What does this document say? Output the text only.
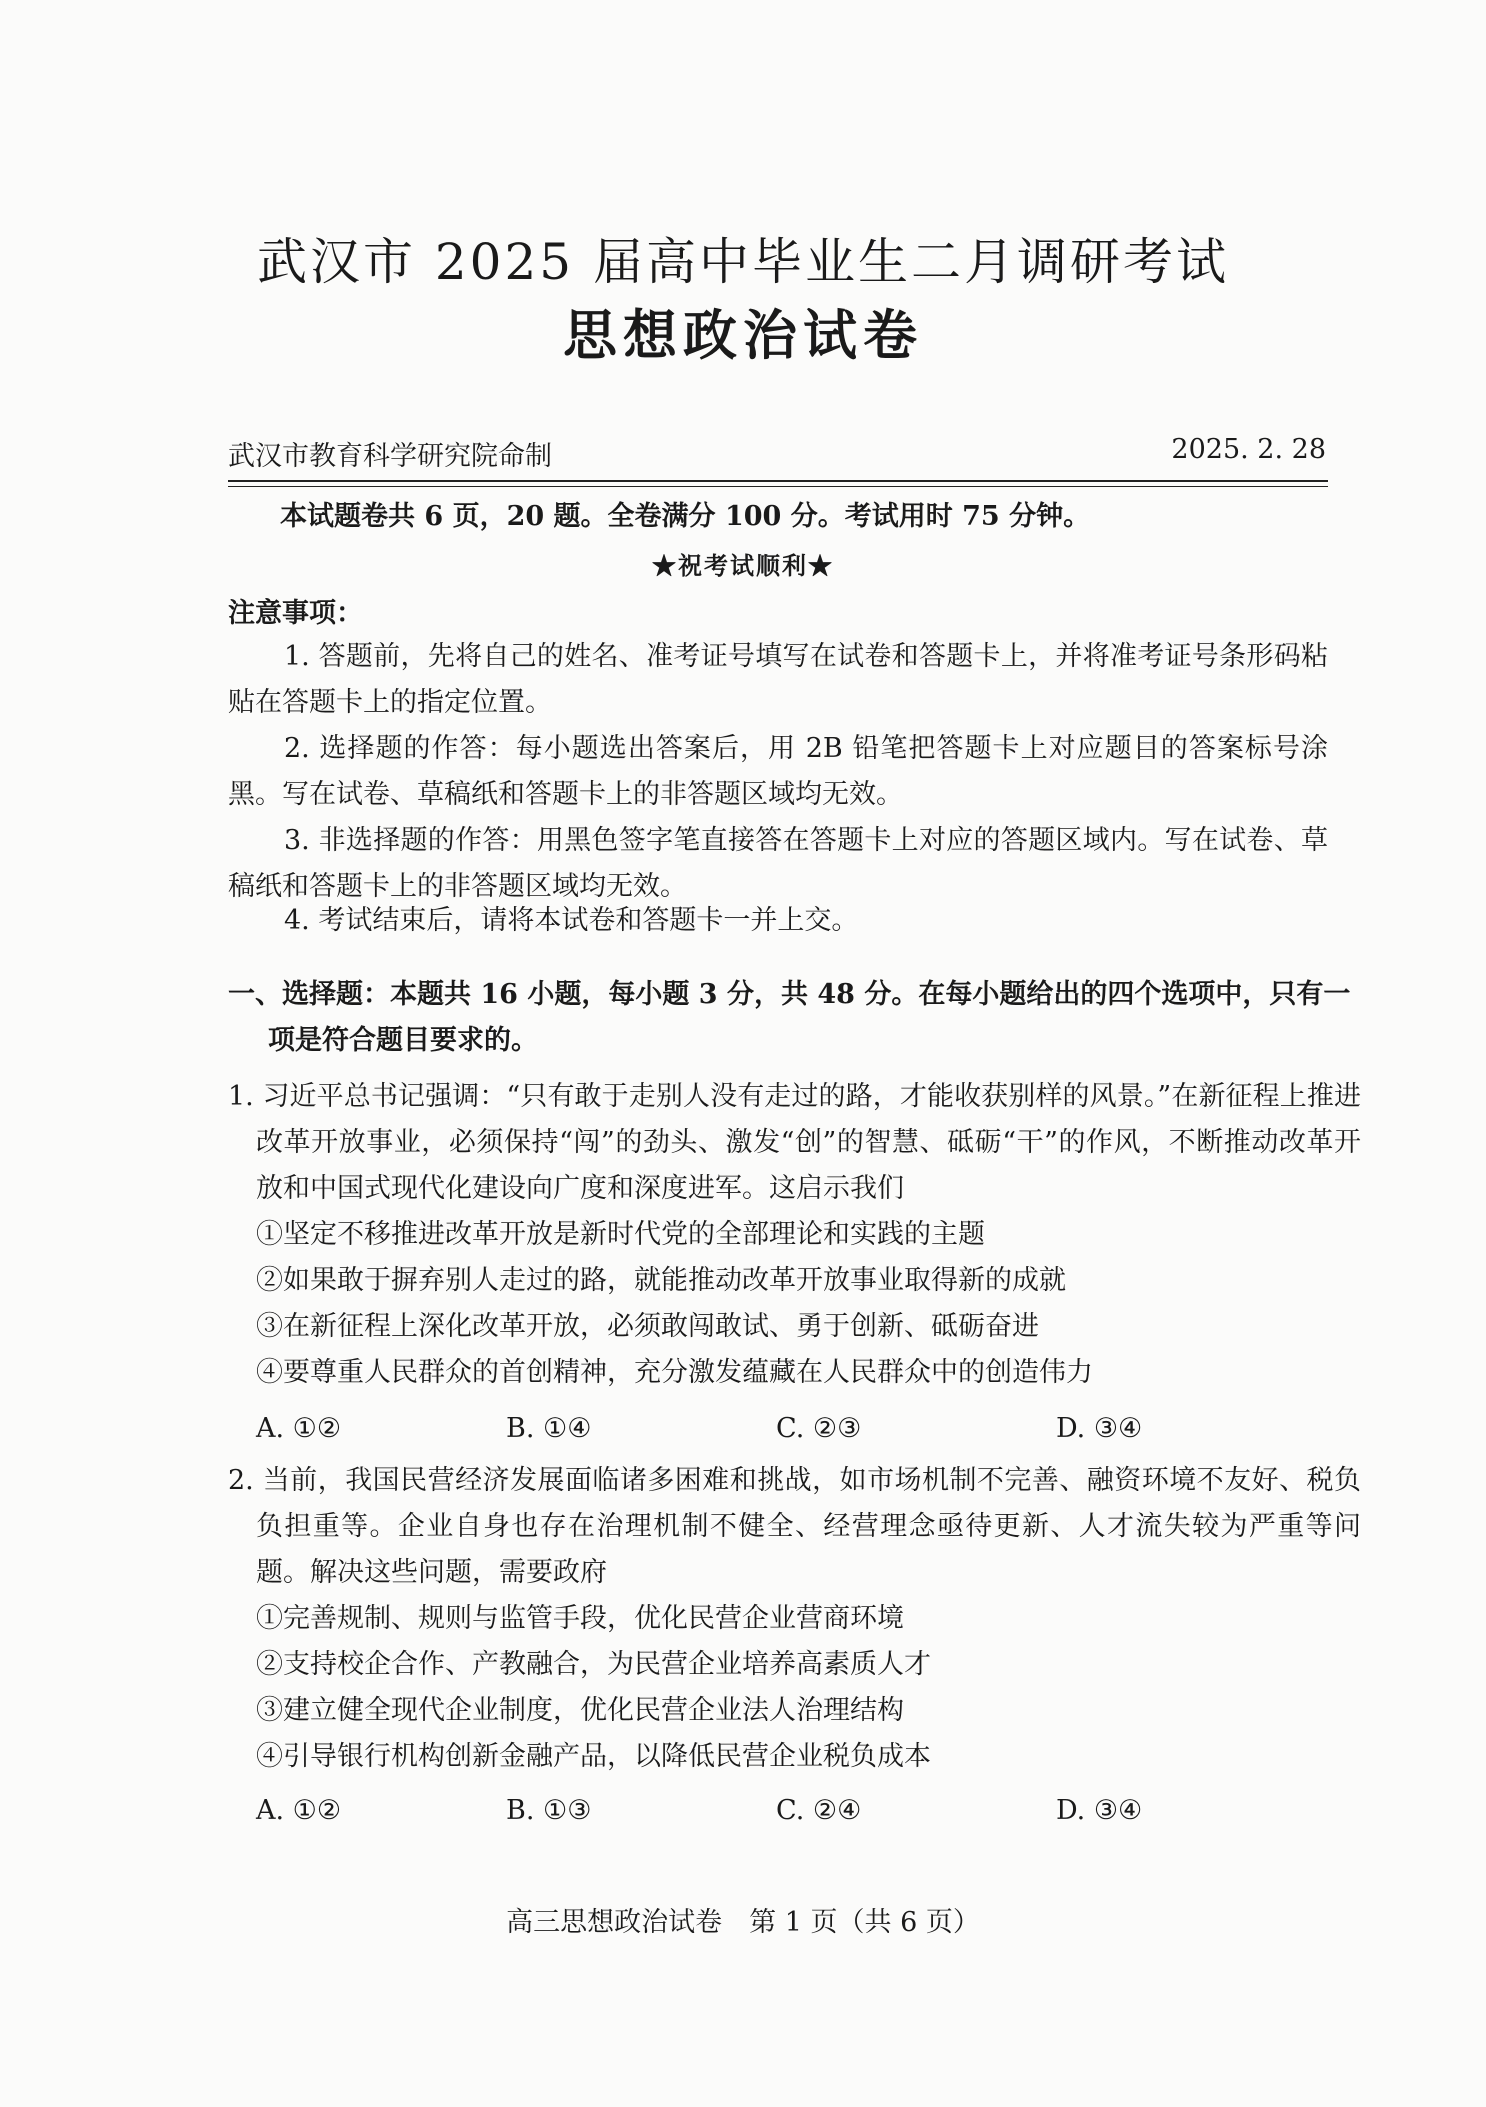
武汉市 2025 届高中毕业生二月调研考试
思想政治试卷
武汉市教育科学研究院命制	2025. 2. 28
本试题卷共 6 页，20 题。全卷满分 100 分。考试用时 75 分钟。
★祝考试顺利★
注意事项：

1. 答题前，先将自己的姓名、准考证号填写在试卷和答题卡上，并将准考证号条形码粘贴在答题卡上的指定位置。

2. 选择题的作答：每小题选出答案后，用 2B 铅笔把答题卡上对应题目的答案标号涂黑。写在试卷、草稿纸和答题卡上的非答题区域均无效。

3. 非选择题的作答：用黑色签字笔直接答在答题卡上对应的答题区域内。写在试卷、草稿纸和答题卡上的非答题区域均无效。

4. 考试结束后，请将本试卷和答题卡一并上交。

一、选择题：本题共 16 小题，每小题 3 分，共 48 分。在每小题给出的四个选项中，只有一项是符合题目要求的。

1. 习近平总书记强调：“只有敢于走别人没有走过的路，才能收获别样的风景。”在新征程上推进改革开放事业，必须保持“闯”的劲头、激发“创”的智慧、砥砺“干”的作风，不断推动改革开放和中国式现代化建设向广度和深度进军。这启示我们

①坚定不移推进改革开放是新时代党的全部理论和实践的主题
②如果敢于摒弃别人走过的路，就能推动改革开放事业取得新的成就
③在新征程上深化改革开放，必须敢闯敢试、勇于创新、砥砺奋进
④要尊重人民群众的首创精神，充分激发蕴藏在人民群众中的创造伟力
A. ①②	B. ①④	C. ②③	D. ③④

2. 当前，我国民营经济发展面临诸多困难和挑战，如市场机制不完善、融资环境不友好、税负负担重等。企业自身也存在治理机制不健全、经营理念亟待更新、人才流失较为严重等问题。解决这些问题，需要政府

①完善规制、规则与监管手段，优化民营企业营商环境
②支持校企合作、产教融合，为民营企业培养高素质人才
③建立健全现代企业制度，优化民营企业法人治理结构
④引导银行机构创新金融产品，以降低民营企业税负成本
A. ①②	B. ①③	C. ②④	D. ③④
高三思想政治试卷　第 1 页（共 6 页）
